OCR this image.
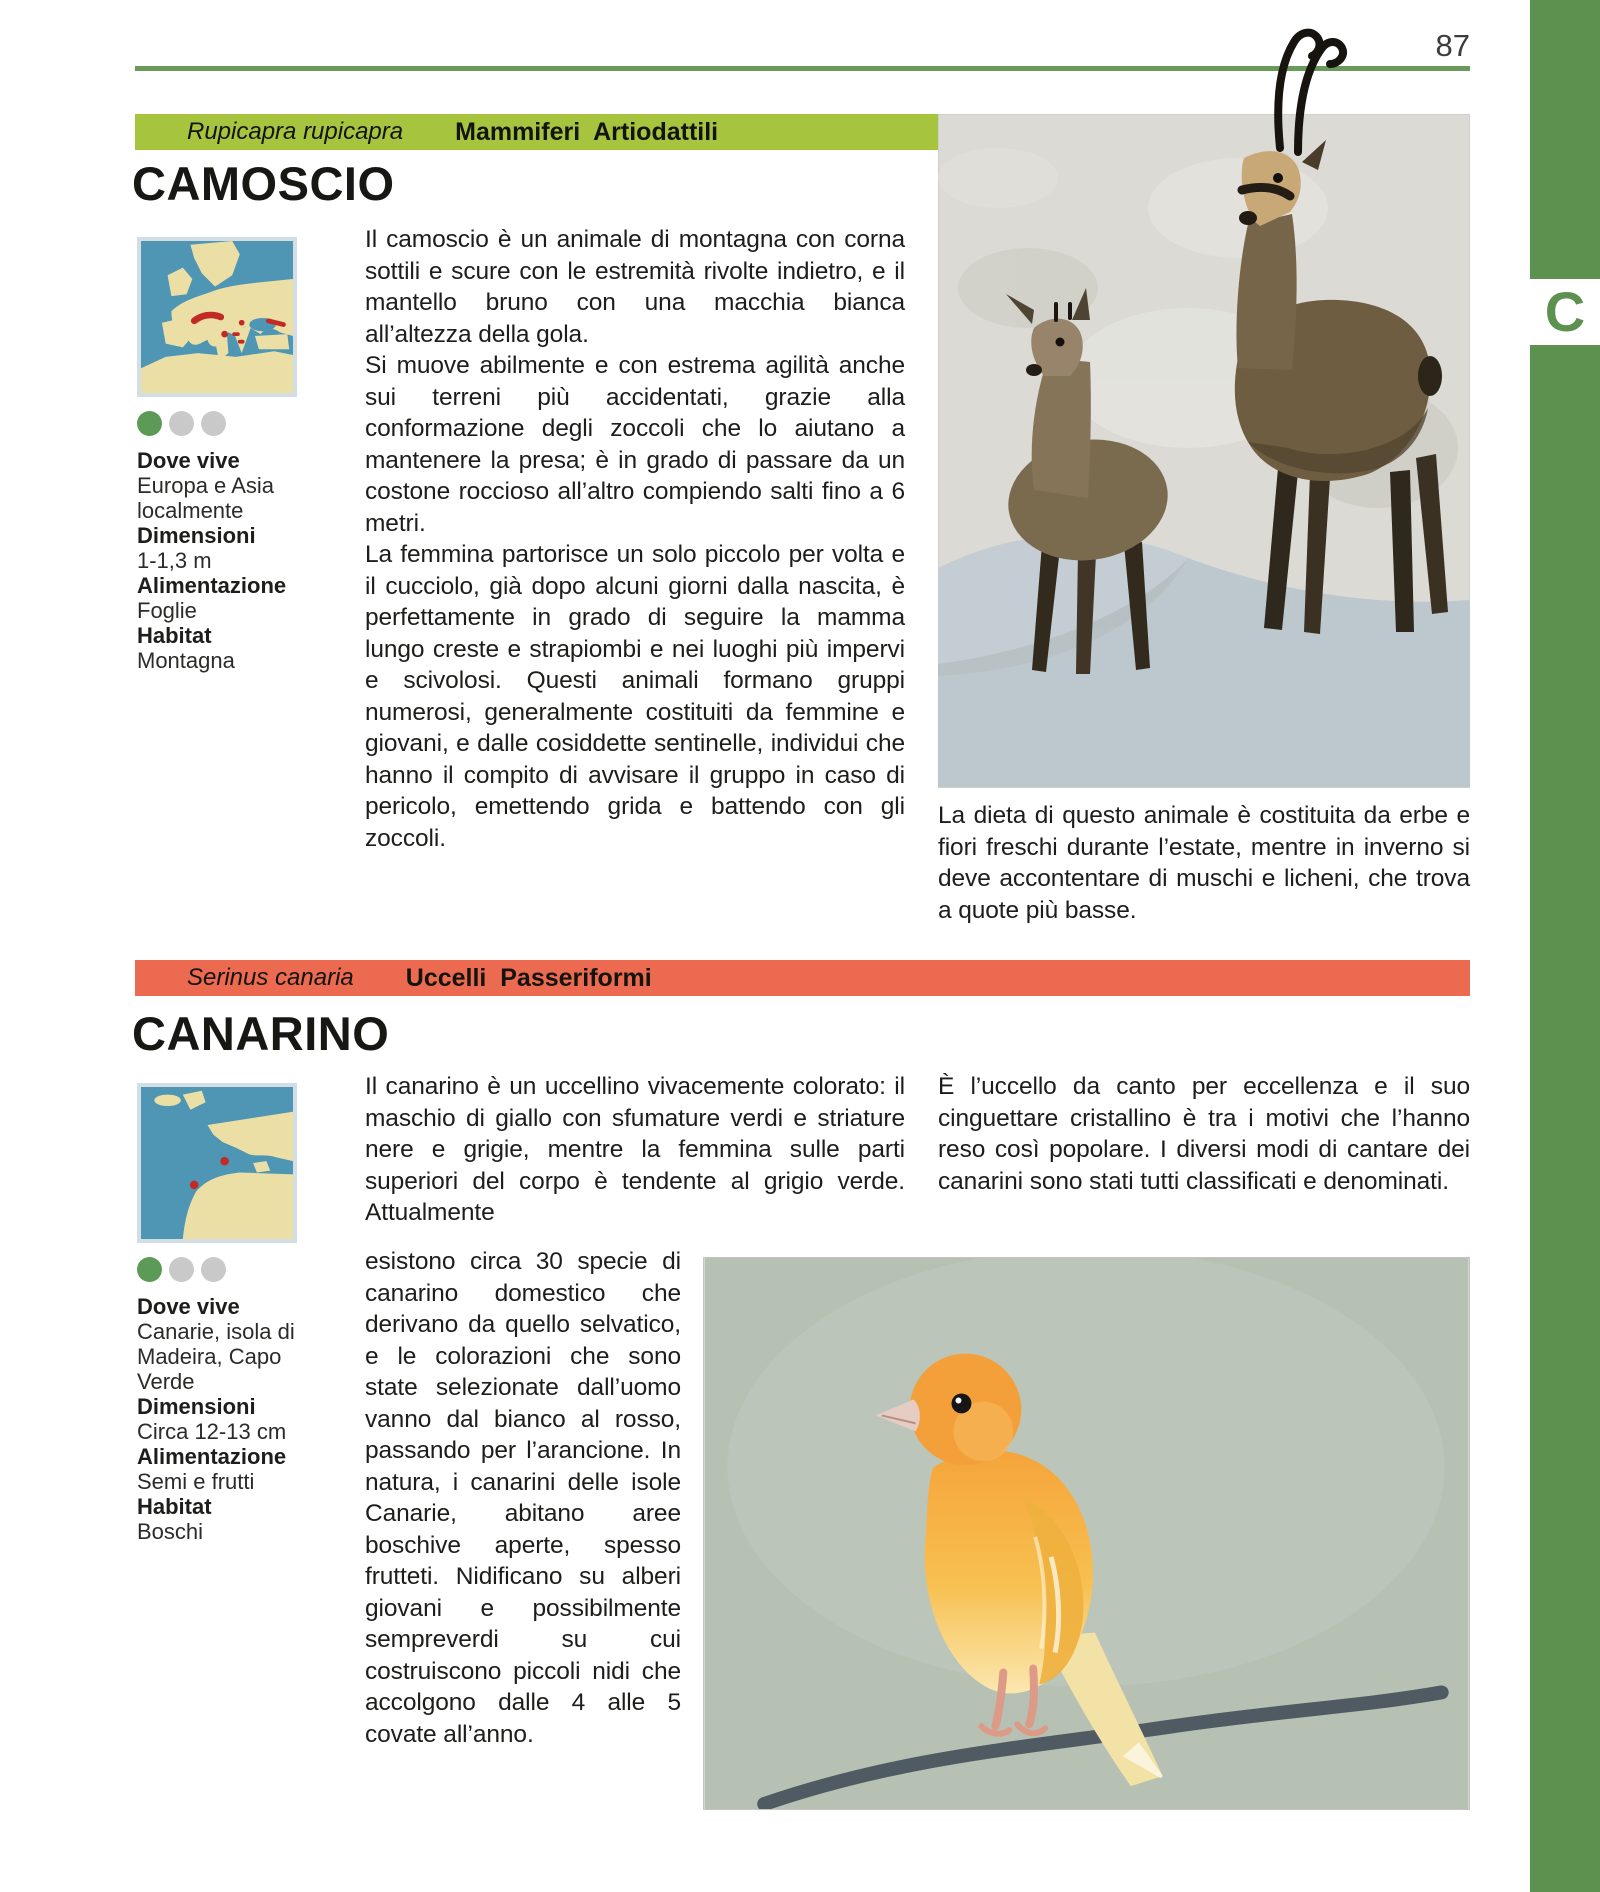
87
Rupicapra rupicapra Mammiferi  Artiodattili
CAMOSCIO
Dove vive
Europa e Asia localmente
Dimensioni
1-1,3 m
Alimentazione
Foglie
Habitat
Montagna

Il camoscio è un animale di montagna con corna sottili e scure con le estremità rivolte indietro, e il mantello bruno con una macchia bianca all’altezza della gola.

Si muove abilmente e con estrema agilità anche sui terreni più accidentati, grazie alla conformazione degli zoccoli che lo aiutano a mantenere la presa; è in grado di passare da un costone roccioso all’altro compiendo salti fino a 6 metri.

La femmina partorisce un solo piccolo per volta e il cucciolo, già dopo alcuni giorni dalla nascita, è perfettamente in grado di seguire la mamma lungo creste e strapiombi e nei luoghi più impervi e scivolosi. Questi animali formano gruppi numerosi, generalmente costituiti da femmine e giovani, e dalle cosiddette sentinelle, individui che hanno il compito di avvisare il gruppo in caso di pericolo, emettendo grida e battendo con gli zoccoli.

La dieta di questo animale è costituita da erbe e fiori freschi durante l’estate, mentre in inverno si deve accontentare di muschi e licheni, che trova a quote più basse.

Serinus canaria Uccelli  Passeriformi
CANARINO
Dove vive
Canarie, isola di Madeira, Capo Verde
Dimensioni
Circa 12-13 cm
Alimentazione
Semi e frutti
Habitat
Boschi

Il canarino è un uccellino vivacemente colorato: il maschio di giallo con sfumature verdi e striature nere e grigie, mentre la femmina sulle parti superiori del corpo è tendente al grigio verde. Attualmente

È l’uccello da canto per eccellenza e il suo cinguettare cristallino è tra i motivi che l’hanno reso così popolare. I diversi modi di cantare dei canarini sono stati tutti classificati e denominati.

esistono circa 30 specie di canarino domestico che derivano da quello selvatico, e le colorazioni che sono state selezionate dall’uomo vanno dal bianco al rosso, passando per l’arancione. In natura, i canarini delle isole Canarie, abitano aree boschive aperte, spesso frutteti. Nidificano su alberi giovani e possibilmente sempreverdi su cui costruiscono piccoli nidi che accolgono dalle 4 alle 5 covate all’anno.

C
